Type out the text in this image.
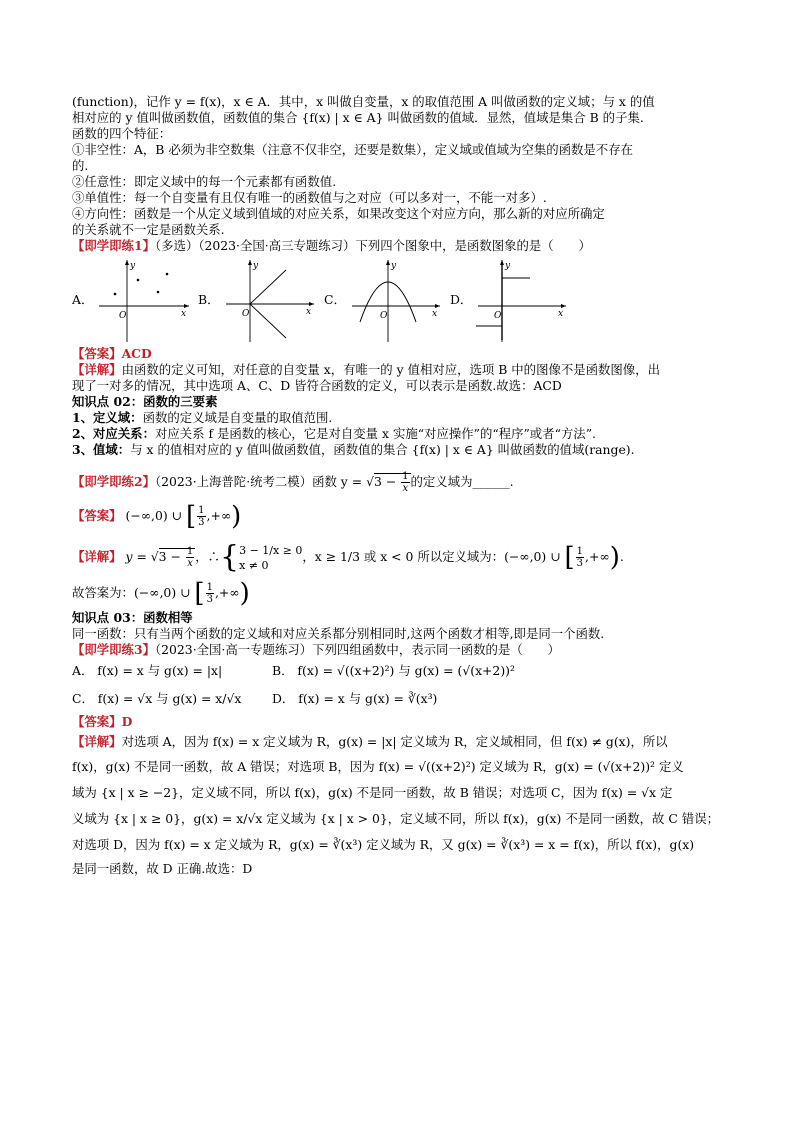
(function)，记作 y = f(x)，x ∈ A．其中，x 叫做自变量，x 的取值范围 A 叫做函数的定义域；与 x 的值
相对应的 y 值叫做函数值，函数值的集合 {f(x) | x ∈ A} 叫做函数的值域．显然，值域是集合 B 的子集.
函数的四个特征：
①非空性：A，B 必须为非空数集（注意不仅非空，还要是数集），定义域或值域为空集的函数是不存在
的.
②任意性：即定义域中的每一个元素都有函数值.
③单值性：每一个自变量有且仅有唯一的函数值与之对应（可以多对一，不能一对多）.
④方向性：函数是一个从定义域到值域的对应关系，如果改变这个对应方向，那么新的对应所确定
的关系就不一定是函数关系.
【即学即练1】（多选）（2023·全国·高三专题练习）下列四个图象中，是函数图象的是（　　）
A．
O	x
y
B．
O	x
y
C．
O	x
y
D．
O	x
y
【答案】ACD
【详解】由函数的定义可知，对任意的自变量 x，有唯一的 y 值相对应，选项 B 中的图像不是函数图像，出
现了一对多的情况，其中选项 A、C、D 皆符合函数的定义，可以表示是函数.故选：ACD
知识点 02：函数的三要素
1、定义域：函数的定义域是自变量的取值范围.
2、对应关系：对应关系 f 是函数的核心，它是对自变量 x 实施“对应操作”的“程序”或者“方法”.
3、值域：与 x 的值相对应的 y 值叫做函数值，函数值的集合 {f(x) | x ∈ A} 叫做函数的值域(range).
【即学即练2】（2023·上海普陀·统考二模）函数 $y = √3 - \frac{1}{x}$ 的定义域为______.
【答案】 (−∞,0) ∪ [ $\frac{1}{3}$ ,+∞)
【详解】 $y = √3 - \frac{1}{x}$ ，∴{ 3 − 1/x ≥ 0
x ≠ 0
，x ≥ 1/3 或 x < 0 所以定义域为：(−∞,0) ∪ [ $\frac{1}{3}$ ,+∞).
故答案为：(−∞,0) ∪ [ $\frac{1}{3}$ ,+∞)
知识点 03：函数相等
同一函数：只有当两个函数的定义域和对应关系都分别相同时,这两个函数才相等,即是同一个函数.
【即学即练3】（2023·全国·高一专题练习）下列四组函数中，表示同一函数的是（　　）
A． f(x) = x 与 g(x) = |x|	B． f(x) = √((x+2)²) 与 g(x) = (√(x+2))²
C． f(x) = √x 与 g(x) = x/√x	D． f(x) = x 与 g(x) = ∛(x³)
【答案】D
【详解】对选项 A，因为 f(x) = x 定义域为 R，g(x) = |x| 定义域为 R，定义域相同，但 f(x) ≠ g(x)，所以
f(x)，g(x) 不是同一函数，故 A 错误；对选项 B，因为 f(x) = √((x+2)²) 定义域为 R，g(x) = (√(x+2))² 定义
域为 {x | x ≥ −2}，定义域不同，所以 f(x)，g(x) 不是同一函数，故 B 错误；对选项 C，因为 f(x) = √x 定
义域为 {x | x ≥ 0}，g(x) = x/√x 定义域为 {x | x > 0}，定义域不同，所以 f(x)，g(x) 不是同一函数，故 C 错误；
对选项 D，因为 f(x) = x 定义域为 R，g(x) = ∛(x³) 定义域为 R，又 g(x) = ∛(x³) = x = f(x)，所以 f(x)，g(x)
是同一函数，故 D 正确.故选：D
